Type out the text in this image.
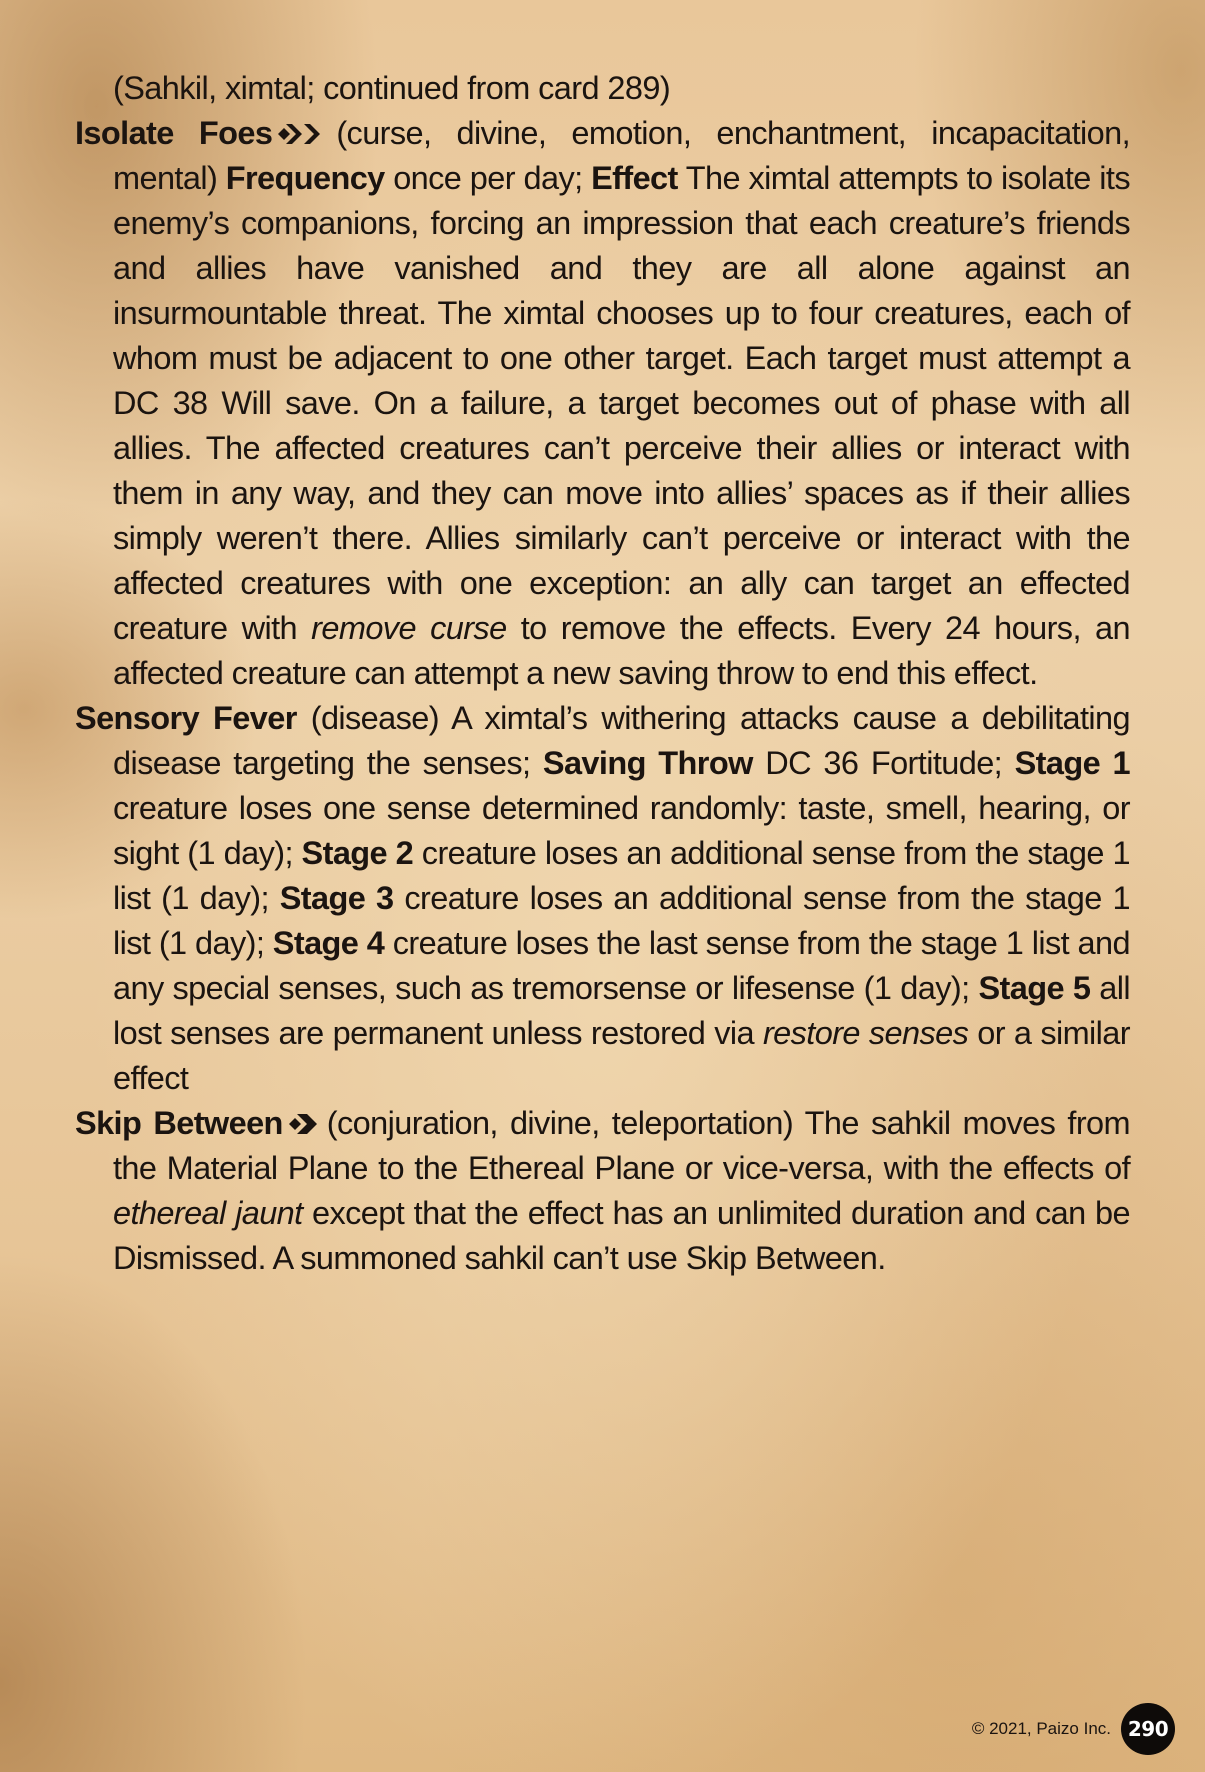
(Sahkil, ximtal; continued from card 289)

Isolate Foes (curse, divine, emotion, enchantment, incapacitation, mental) Frequency once per day; Effect The ximtal attempts to isolate its enemy’s companions, forcing an impression that each creature’s friends and allies have vanished and they are all alone against an insurmountable threat. The ximtal chooses up to four creatures, each of whom must be adjacent to one other target. Each target must attempt a DC 38 Will save. On a failure, a target becomes out of phase with all allies. The affected creatures can’t perceive their allies or interact with them in any way, and they can move into allies’ spaces as if their allies simply weren’t there. Allies similarly can’t perceive or interact with the affected creatures with one exception: an ally can target an effected creature with remove curse to remove the effects. Every 24 hours, an affected creature can attempt a new saving throw to end this effect.

Sensory Fever (disease) A ximtal’s withering attacks cause a debilitating disease targeting the senses; Saving Throw DC 36 Fortitude; Stage 1 creature loses one sense determined randomly: taste, smell, hearing, or sight (1 day); Stage 2 creature loses an additional sense from the stage 1 list (1 day); Stage 3 creature loses an additional sense from the stage 1 list (1 day); Stage 4 creature loses the last sense from the stage 1 list and any special senses, such as tremorsense or lifesense (1 day); Stage 5 all lost senses are permanent unless restored via restore senses or a similar effect

Skip Between (conjuration, divine, teleportation) The sahkil moves from the Material Plane to the Ethereal Plane or vice-versa, with the effects of ethereal jaunt except that the effect has an unlimited duration and can be Dismissed. A summoned sahkil can’t use Skip Between.

© 2021, Paizo Inc. 290
